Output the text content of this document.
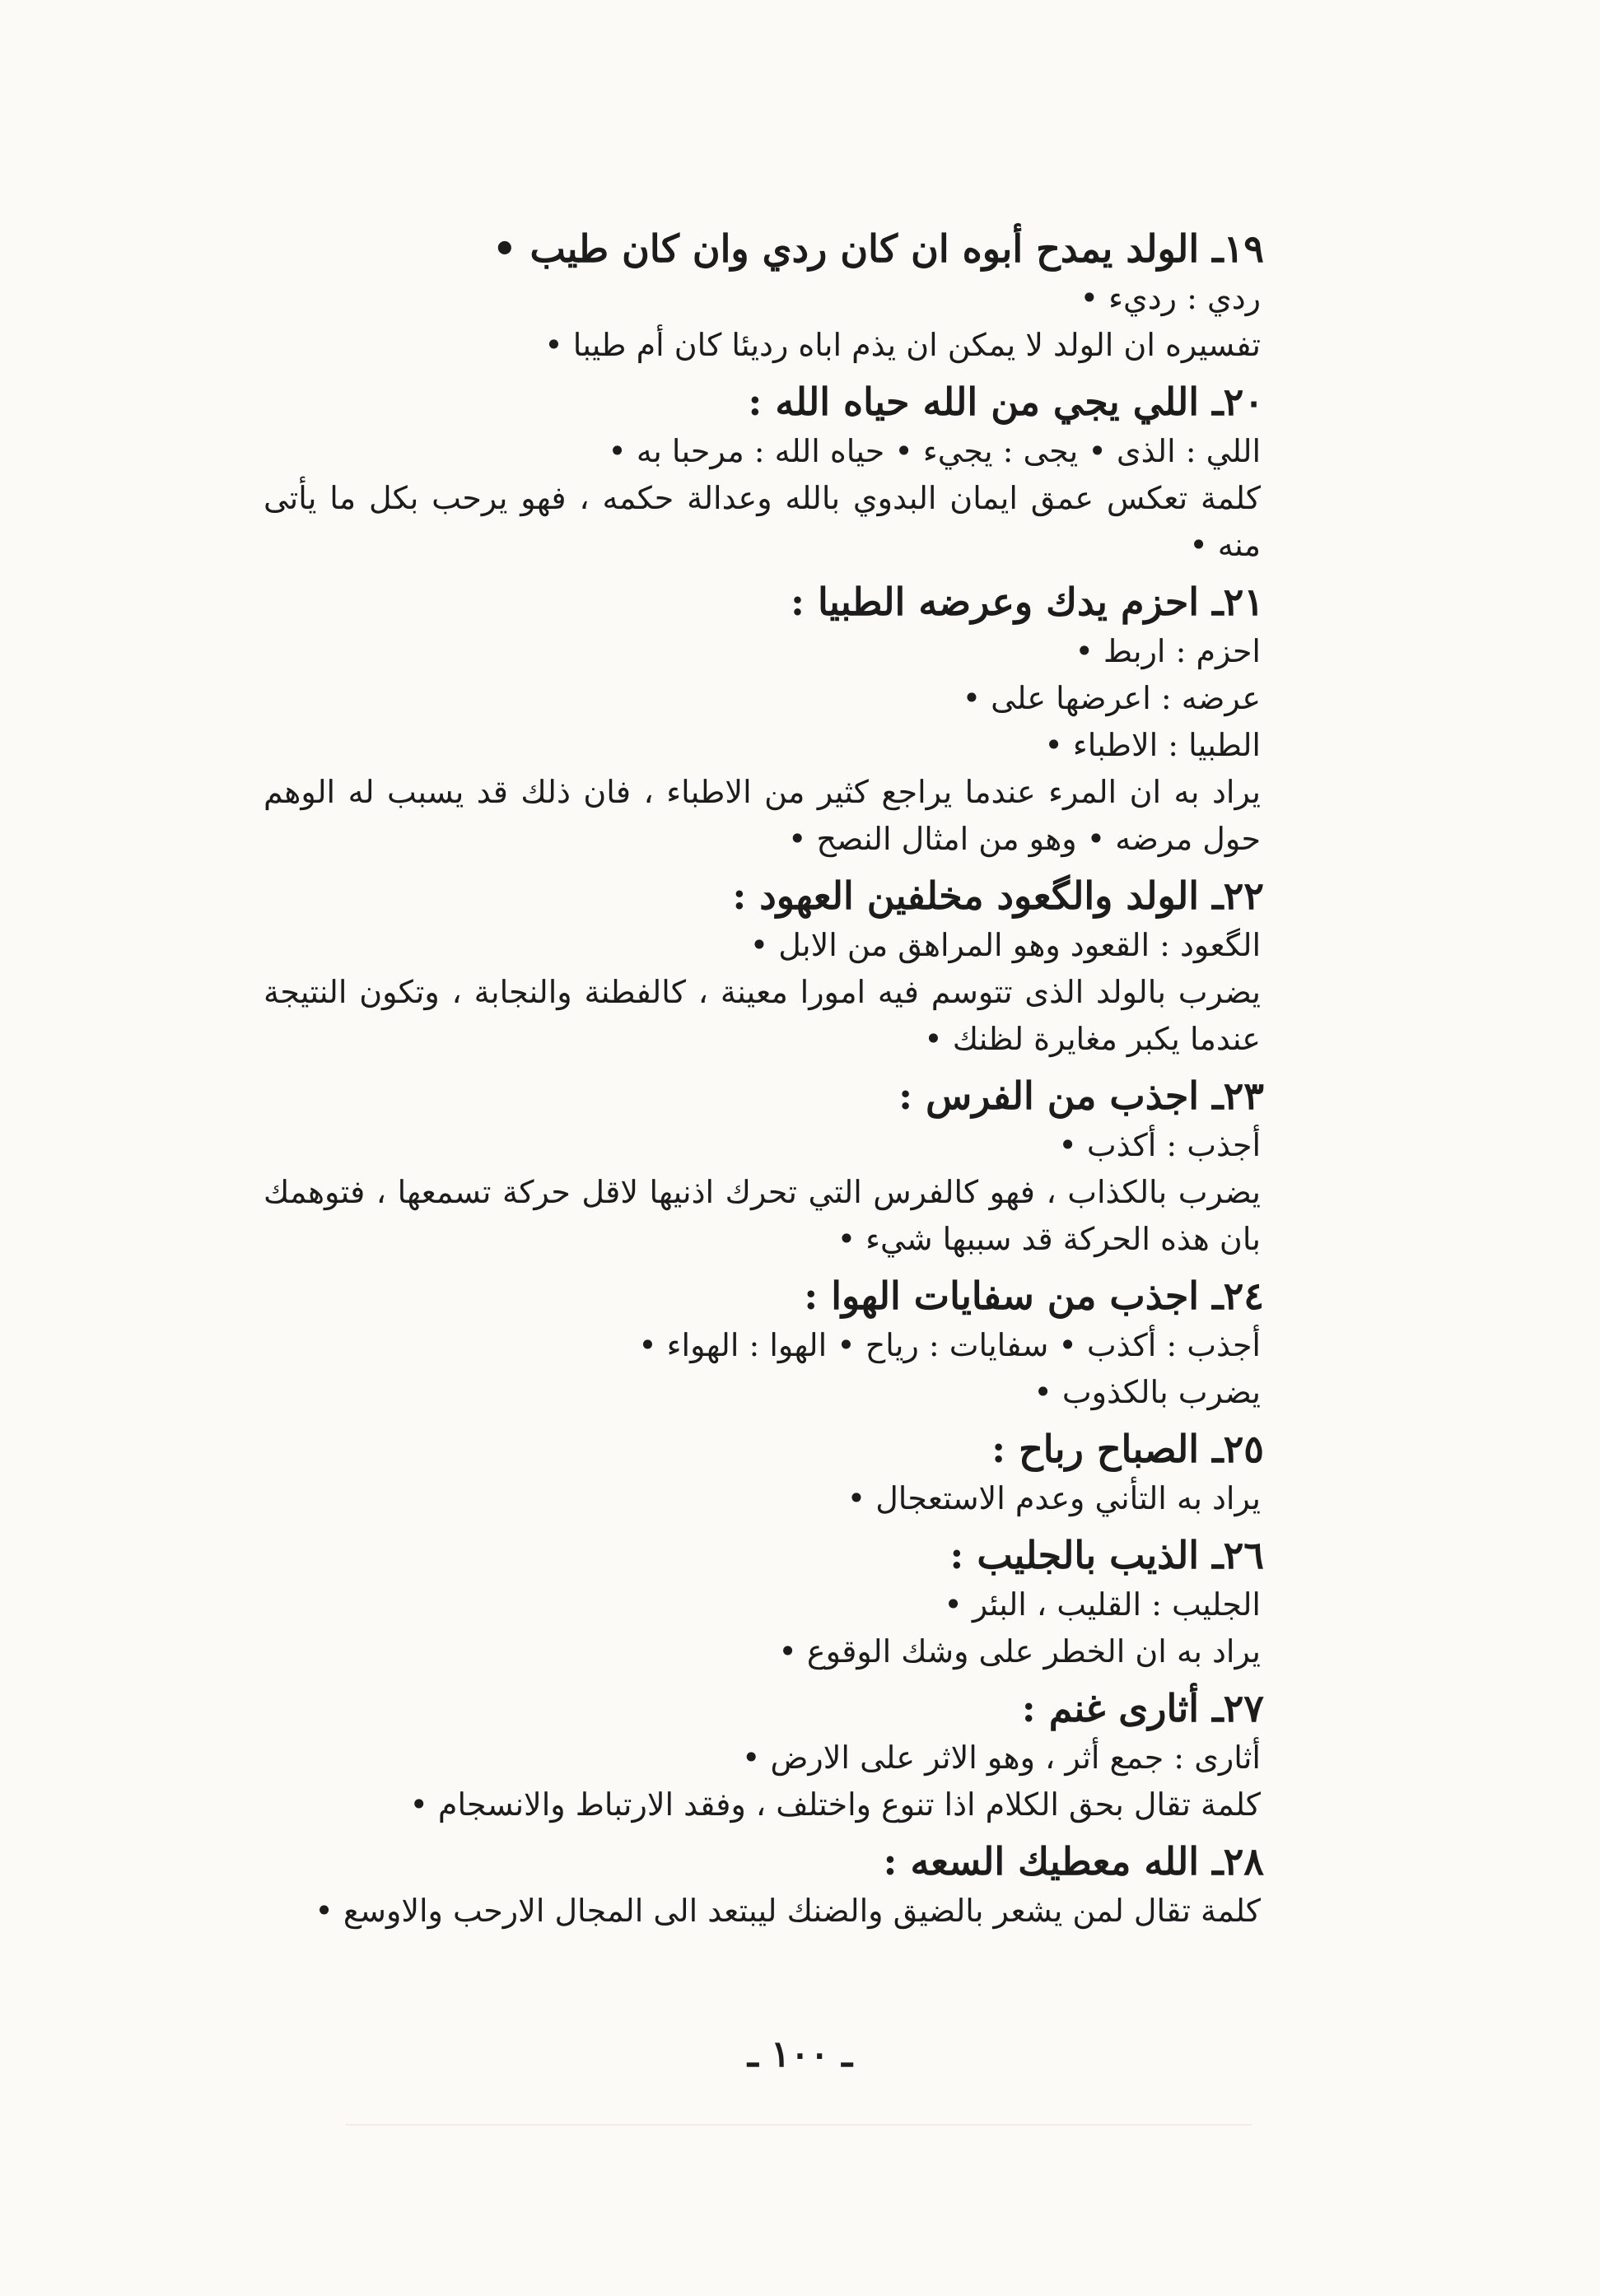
١٩ـ
الولد يمدح أبوه ان كان ردي وان كان طيب •
ردي : رديء •
تفسيره ان الولد لا يمكن ان يذم اباه رديئا كان أم طيبا •
٢٠ـ
اللي يجي من الله حياه الله :
اللي : الذى • يجى : يجيء • حياه الله : مرحبا به •
كلمة تعكس عمق ايمان البدوي بالله وعدالة حكمه ، فهو يرحب بكل ما يأتى منه •
٢١ـ
احزم يدك وعرضه الطبيا :
احزم : اربط •
عرضه : اعرضها على •
الطبيا : الاطباء •
يراد به ان المرء عندما يراجع كثير من الاطباء ، فان ذلك قد يسبب له الوهم حول مرضه • وهو من امثال النصح •
٢٢ـ
الولد والگعود مخلفين العهود :
الگعود : القعود وهو المراهق من الابل •
يضرب بالولد الذى تتوسم فيه امورا معينة ، كالفطنة والنجابة ، وتكون النتيجة عندما يكبر مغايرة لظنك •
٢٣ـ
اجذب من الفرس :
أجذب : أكذب •
يضرب بالكذاب ، فهو كالفرس التي تحرك اذنيها لاقل حركة تسمعها ، فتوهمك بان هذه الحركة قد سببها شيء •
٢٤ـ
اجذب من سفايات الهوا :
أجذب : أكذب • سفايات : رياح • الهوا : الهواء •
يضرب بالكذوب •
٢٥ـ
الصباح رباح :
يراد به التأني وعدم الاستعجال •
٢٦ـ
الذيب بالجليب :
الجليب : القليب ، البئر •
يراد به ان الخطر على وشك الوقوع •
٢٧ـ
أثارى غنم :
أثارى : جمع أثر ، وهو الاثر على الارض •
كلمة تقال بحق الكلام اذا تنوع واختلف ، وفقد الارتباط والانسجام •
٢٨ـ
الله معطيك السعه :
كلمة تقال لمن يشعر بالضيق والضنك ليبتعد الى المجال الارحب والاوسع •
ـ ١٠٠ ـ
